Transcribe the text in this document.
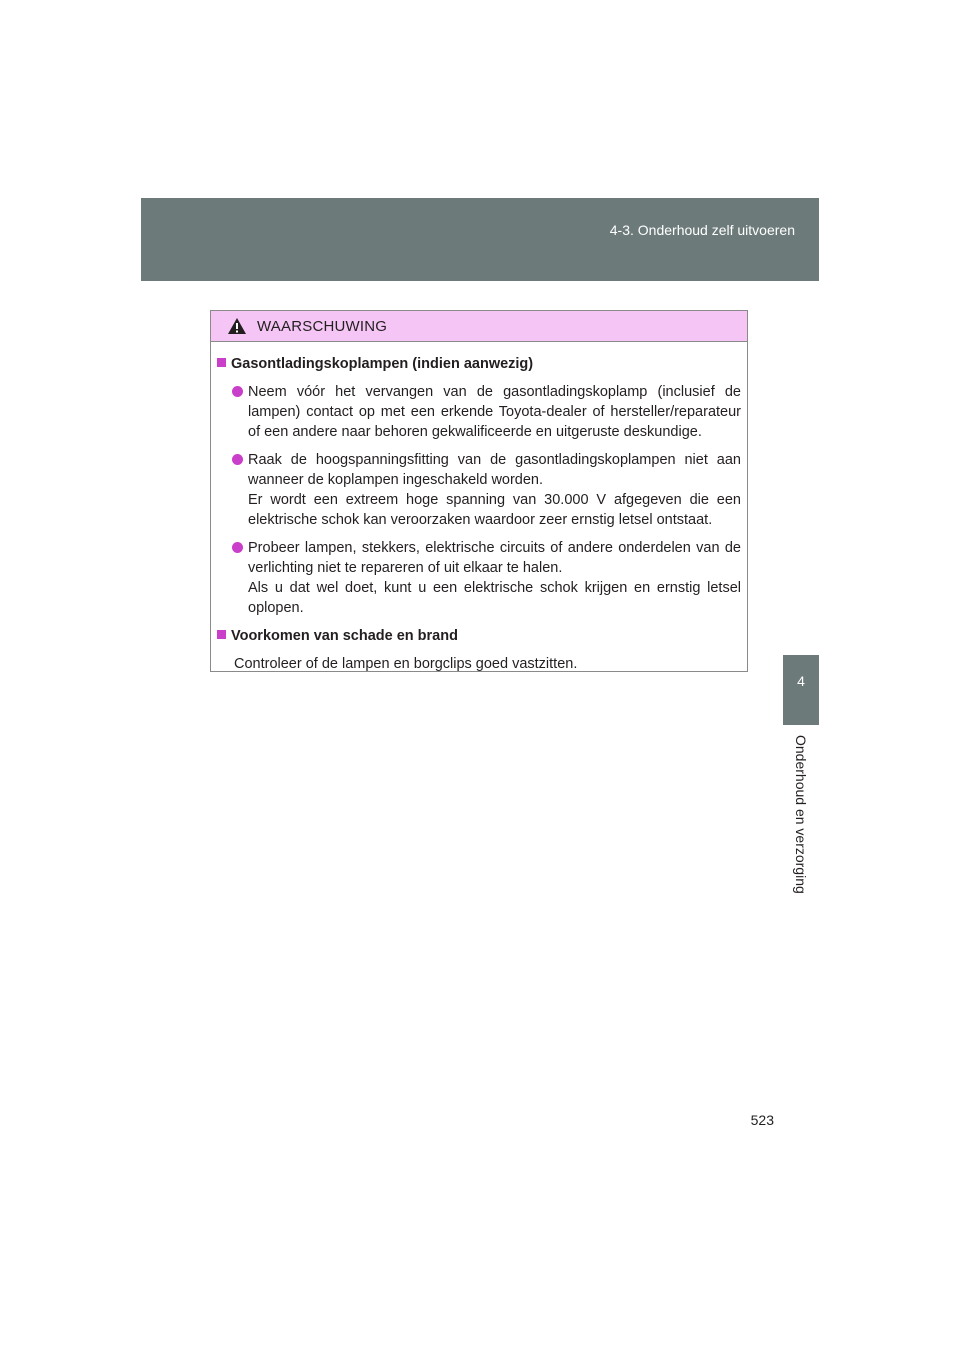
4-3. Onderhoud zelf uitvoeren
4
Onderhoud en verzorging
WAARSCHUWING
Gasontladingskoplampen (indien aanwezig)

Neem vóór het vervangen van de gasontladingskoplamp (inclusief de lampen) contact op met een erkende Toyota-dealer of hersteller/reparateur of een andere naar behoren gekwalificeerde en uitgeruste deskundige.

Raak de hoogspanningsfitting van de gasontladingskoplampen niet aan wanneer de koplampen ingeschakeld worden.

Er wordt een extreem hoge spanning van 30.000 V afgegeven die een elektrische schok kan veroorzaken waardoor zeer ernstig letsel ontstaat.

Probeer lampen, stekkers, elektrische circuits of andere onderdelen van de verlichting niet te repareren of uit elkaar te halen.

Als u dat wel doet, kunt u een elektrische schok krijgen en ernstig letsel oplopen.

Voorkomen van schade en brand
Controleer of de lampen en borgclips goed vastzitten.
523
